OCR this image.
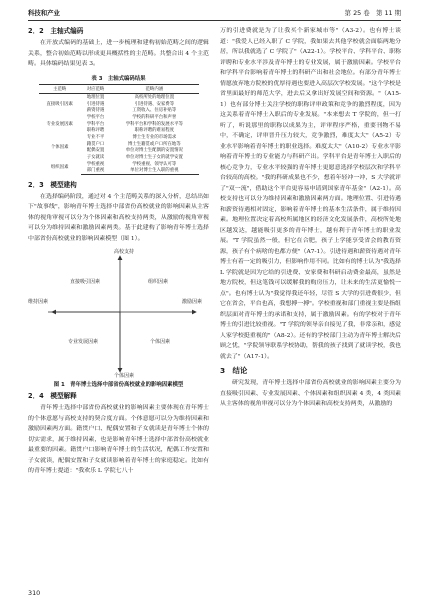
科技和产业	第 25 卷　第 11 期
2．2　主轴式编码

在开放式编码的基础上，进一步梳理和建构初始范畴之间的逻辑关系，整合初始范畴以形成更具概括性的主范畴。共整合出 4 个主范畴。具体编码结果见表 3。

表 3　主轴式编码结果
主范畴	对应范畴	范畴内涵
直接吸引因素	地理位置	高校所处的地理位置
	引进待遇	引进待遇、安家费等
	薪资待遇	工资收入、住房补贴等
专业发展因素	学校平台	学校的科研平台和声誉
	学科平台	学科平台和学科的发展水平等
	职称评聘	职称评聘的难易程度
个体因素	专业不平	博士生专业的市场需求
	籍贯户口	博士生籍贯或户口所在地等
	配偶安置	单位对博士生配偶的安置情况
	子女就读	单位对博士生子女的就学安置
组织因素	学校重视	学校重视、领导认可等
	部门重视	单位对博士生入职的重视
2．3　模型建构

在选择编码阶段，通过对 4 个主范畴关系的深入分析，总结出如下"故事线"，影响青年博士选择中部省份高校就业的影响因素从主客体的视角审视可以分为个体因素和高校支持两类，从激励的视角审视可以分为维持因素和激励因素两类。基于此建构了影响青年博士选择中部省份高校就业的影响因素模型（图 1）。

高校支持
维持因素	激励因素
个体因素
直接吸引因素	组织因素
专业发展因素	个体因素
图 1　青年博士选择中部省份高校就业的影响因素模型
2．4　模型解释

青年博士选择中部省份高校就业的影响因素主要体现在青年博士的个体意愿与高校支持的契合度方面。个体意愿可以分为维持因素和激励因素两方面。籍贯户口、配偶安置和子女就读是青年博士个体的切实需求，属于维持因素，也是影响青年博士选择中部省份高校就业最重要的因素。籍贯户口影响青年博士的生活状况，配偶工作安置和子女就读，配偶安置和子女就读影响着青年博士的家庭稳定。比如有的青年博士提道："我欢乐 L 学院七八十

万的引进费就是为了让我买个新家城市等"（A3-2）。也有博士谈道："我爱人已经入职了 C 学院，我如果去其他学校就会面临两地分居，所以我就选了 C 学院了"（A22-1）。学校平台、学科平台、职称评聘和专业水平涉及青年博士的专业发展，属于激励因素。学校平台和学科平台影响着青年博士的科研产出和社会地位。有部分青年博士情愿放弃地方院校的优厚待遇也要进入高层次学校发展。"这个学校是省里面最好的师范大学，进去后又拿出好发展空间和资源。"（A15-1）也有部分博士关注学校的职称评审政策和竞争的激烈程度，因为这关系着青年博士入职后的专业发展。"本来想去 T 学院的，但一打听了，听说那里的职称以成果为主，评审程序严格，重要刊物不易中，不确定，评审晋升压力较大，竞争激烈，难度太大"（A5-2）专业水平影响着青年博士的职业选择。难度太大"（A10-2）专业水平影响着青年博士的专业能力与科研产出。学科平台是青年博士入职后的核心竞争力，专业水平较强的青年博士更愿意选择学校层次和学科平台较高的高校。"我的科研成果也不少，想着年轻冲一冲，S 大学就评了"双一流"，借助这个平台更容易申请到国家青年基金"（A2-1）。高校支持也可以分为维持因素和激励因素两方面。地理位置、引进待遇和薪资待遇相对固定，影响着青年博士的基本生活条件，属于维持因素。地理位置决定着高校所属地区的经济文化发展条件，高校所处地区越发达，越能吸引更多的青年博士，越有利于青年博士的职业发展。"T 学院虽然一般，但它在合肥，孩子上学能享受省会的教育资源，孩子有个病啥的也都方便"（A7-1）。引进待遇和薪资待遇对青年博士有着一定的吸引力，但影响作用不同。比如有的博士认为"我选择 L 学院就是因为它给的引进费、安家费和科研启动费金最高，虽然是地方院校，但这笔钱可以缓解我的购房压力，让未来的生活更愉悦一点"。也有博士认为"我觉得我还年轻，尽管 S 大学的引进费很少，但它在省会，平台也高，我想搏一搏"。学校重视和部门重视主要是指组织层面对青年博士的承诺和支持，属于激励因素。有的学校对于青年博士的引进比较重视。"T 学院的领导亲自接见了我，非常亲和，感觉人家学校挺重视的"（A8-2）。还有的学校部门主动为青年博士解决后顾之忧，"学院领导联系学校协助，帮我的孩子找到了就读学校，我也就去了"（A17-1）。

3　结论

研究发现，青年博士选择中部省份高校就业的影响因素主要分为直接吸引因素、专业发展因素、个体因素和组织因素 4 类，4 类因素从主客体的视角审视可以分为个体因素和高校支持两类，从激励的

310
